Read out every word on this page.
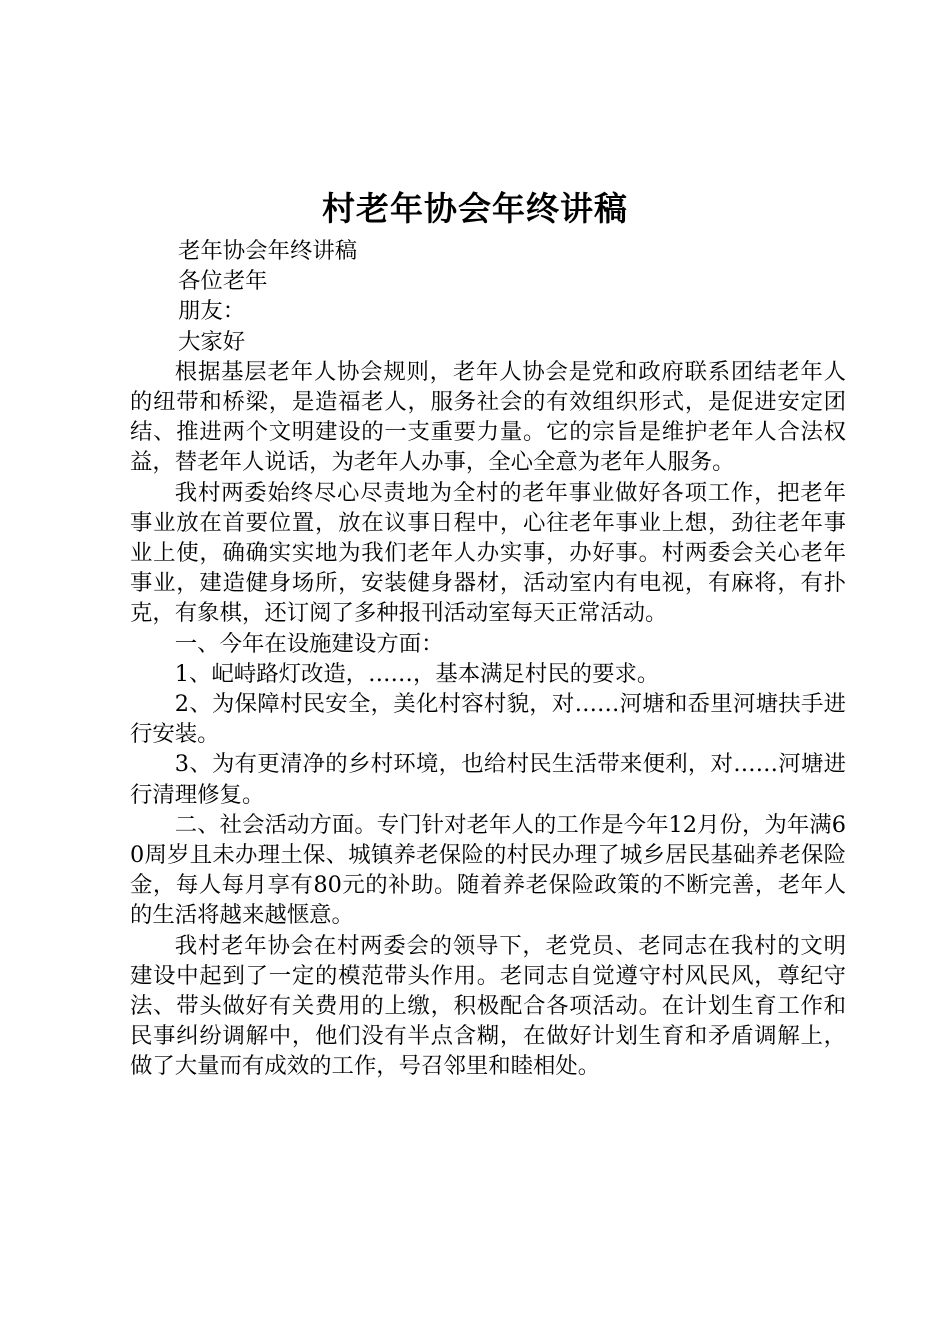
村老年协会年终讲稿

老年协会年终讲稿

各位老年

朋友：

大家好

根据基层老年人协会规则，老年人协会是党和政府联系团结老年人的纽带和桥梁，是造福老人，服务社会的有效组织形式，是促进安定团结、推进两个文明建设的一支重要力量。它的宗旨是维护老年人合法权益，替老年人说话，为老年人办事，全心全意为老年人服务。

我村两委始终尽心尽责地为全村的老年事业做好各项工作，把老年事业放在首要位置，放在议事日程中，心往老年事业上想，劲往老年事业上使，确确实实地为我们老年人办实事，办好事。村两委会关心老年事业，建造健身场所，安装健身器材，活动室内有电视，有麻将，有扑克，有象棋，还订阅了多种报刊活动室每天正常活动。

一、今年在设施建设方面：

1、屺峙路灯改造，……，基本满足村民的要求。

2、为保障村民安全，美化村容村貌，对……河塘和岙里河塘扶手进行安装。

3、为有更清净的乡村环境，也给村民生活带来便利，对……河塘进行清理修复。

二、社会活动方面。专门针对老年人的工作是今年12月份，为年满60周岁且未办理土保、城镇养老保险的村民办理了城乡居民基础养老保险金，每人每月享有80元的补助。随着养老保险政策的不断完善，老年人的生活将越来越惬意。

我村老年协会在村两委会的领导下，老党员、老同志在我村的文明建设中起到了一定的模范带头作用。老同志自觉遵守村风民风，尊纪守法、带头做好有关费用的上缴，积极配合各项活动。在计划生育工作和民事纠纷调解中，他们没有半点含糊，在做好计划生育和矛盾调解上，做了大量而有成效的工作，号召邻里和睦相处。
